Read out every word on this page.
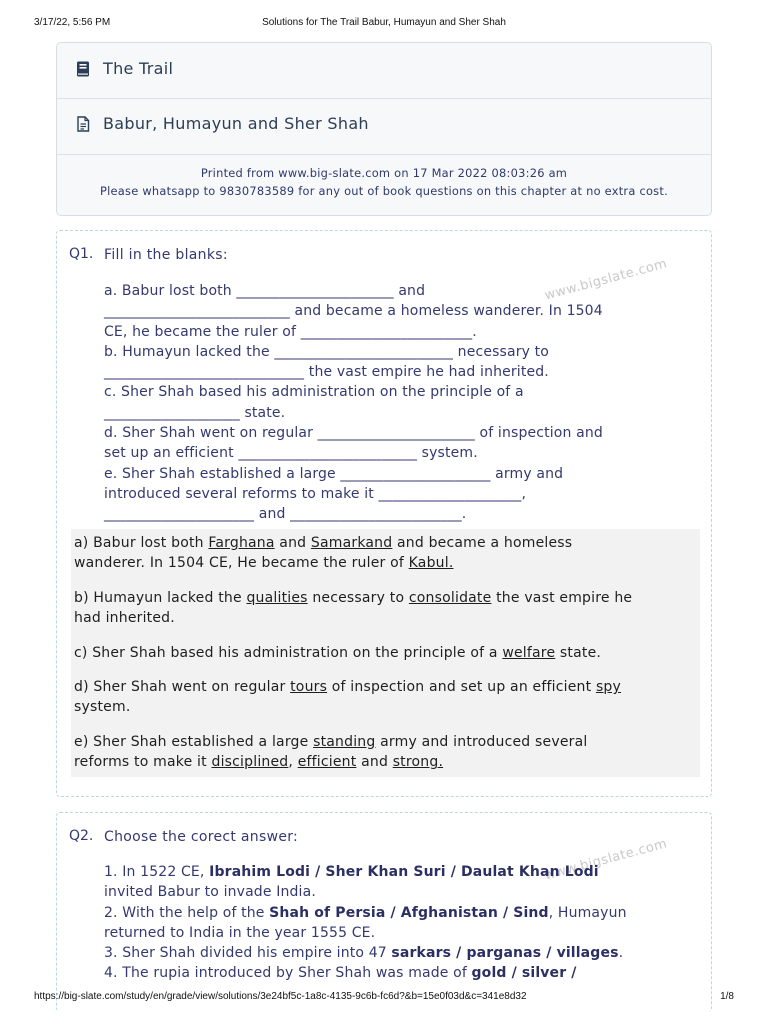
3/17/22, 5:56 PM	Solutions for The Trail Babur, Humayun and Sher Shah
The Trail
Babur, Humayun and Sher Shah
Printed from www.big-slate.com on 17 Mar 2022 08:03:26 am
Please whatsapp to 9830783589 for any out of book questions on this chapter at no extra cost.
Q1. Fill in the blanks:
www.bigslate.com
a. Babur lost both ______________________ and
__________________________ and became a homeless wanderer. In 1504
CE, he became the ruler of ________________________.
b. Humayun lacked the _________________________ necessary to
____________________________ the vast empire he had inherited.
c. Sher Shah based his administration on the principle of a
___________________ state.
d. Sher Shah went on regular ______________________ of inspection and
set up an efficient _________________________ system.
e. Sher Shah established a large _____________________ army and
introduced several reforms to make it ____________________,
_____________________ and ________________________.

a) Babur lost both Farghana and Samarkand and became a homeless
wanderer. In 1504 CE, He became the ruler of Kabul.

b) Humayun lacked the qualities necessary to consolidate the vast empire he
had inherited.

c) Sher Shah based his administration on the principle of a welfare state.

d) Sher Shah went on regular tours of inspection and set up an efficient spy
system.

e) Sher Shah established a large standing army and introduced several
reforms to make it disciplined, efficient and strong.

Q2. Choose the corect answer:	www.bigslate.com
1. In 1522 CE, Ibrahim Lodi / Sher Khan Suri / Daulat Khan Lodi
invited Babur to invade India.
2. With the help of the Shah of Persia / Afghanistan / Sind, Humayun
returned to India in the year 1555 CE.
3. Sher Shah divided his empire into 47 sarkars / parganas / villages.
4. The rupia introduced by Sher Shah was made of gold / silver /
https://big-slate.com/study/en/grade/view/solutions/3e24bf5c-1a8c-4135-9c6b-fc6d?&b=15e0f03d&c=341e8d32	1/8
